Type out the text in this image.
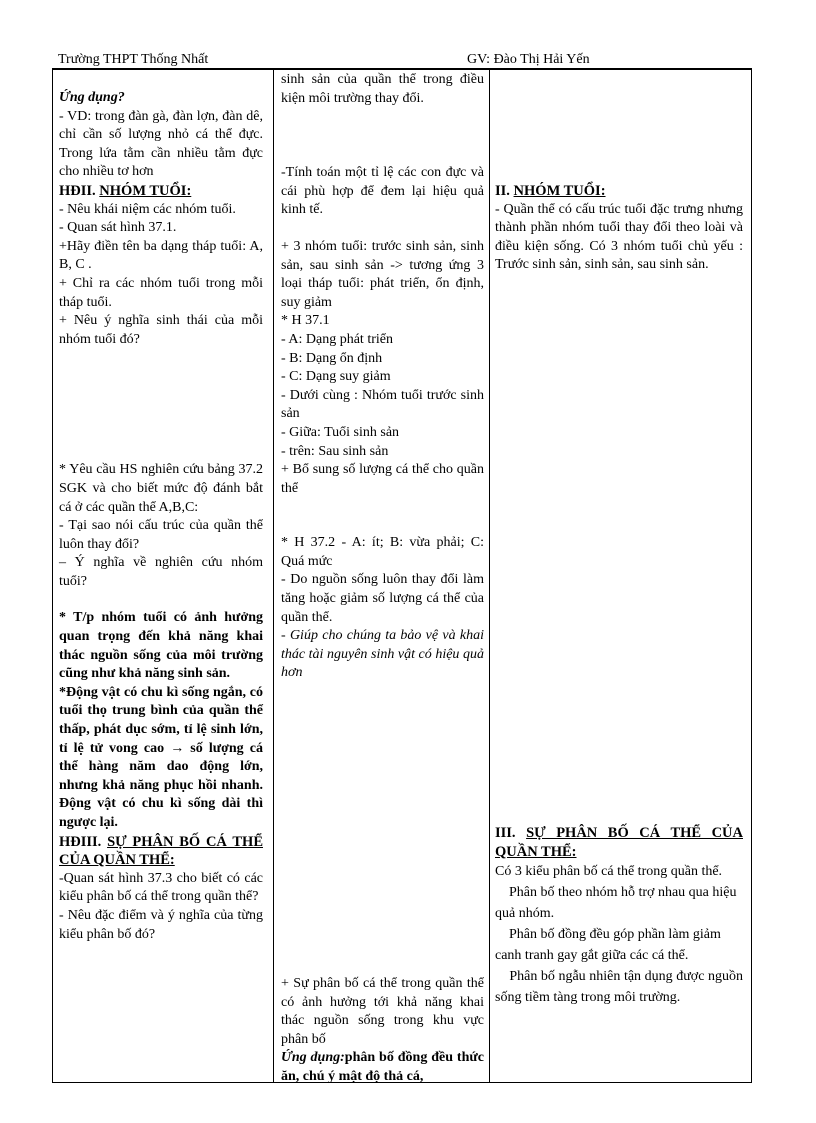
Trường THPT Thống Nhất	GV: Đào Thị Hải Yến

Ứng dụng?

- VD: trong đàn gà, đàn lợn, đàn dê, chỉ cần số lượng nhỏ cá thể đực. Trong lứa tằm cần nhiều tằm đực cho nhiều tơ hơn

HĐII. NHÓM TUỔI:

- Nêu khái niệm các nhóm tuổi.

- Quan sát hình 37.1.

+Hãy điền tên ba dạng tháp tuổi: A, B, C .

+ Chỉ ra các nhóm tuổi trong mỗi tháp tuổi.

+ Nêu ý nghĩa sinh thái của mỗi nhóm tuổi đó?

* Yêu cầu HS nghiên cứu bảng 37.2 SGK và cho biết mức độ đánh bắt cá ở các quần thể A,B,C:

- Tại sao nói cấu trúc của quần thể luôn thay đổi?

– Ý nghĩa về nghiên cứu nhóm tuổi?

* T/p nhóm tuổi có ảnh hưởng quan trọng đến khả năng khai thác nguồn sống của môi trường cũng như khả năng sinh sản.

*Động vật có chu kì sống ngắn, có tuổi thọ trung bình của quần thể thấp, phát dục sớm, tỉ lệ sinh lớn, tỉ lệ tử vong cao → số lượng cá thể hàng năm dao động lớn, nhưng khả năng phục hồi nhanh. Động vật có chu kì sống dài thì ngược lại.

HĐIII. SỰ PHÂN BỐ CÁ THỂ CỦA QUẦN THỂ:

-Quan sát hình 37.3 cho biết có các kiểu phân bố cá thể trong quần thể?

- Nêu đặc điểm và ý nghĩa của từng kiểu phân bố đó?

sinh sản của quần thể trong điều kiện môi trường thay đổi.

-Tính toán một tỉ lệ các con đực và cái phù hợp để đem lại hiệu quả kinh tế.

+ 3 nhóm tuổi: trước sinh sản, sinh sản, sau sinh sản -> tương ứng 3 loại tháp tuổi: phát triển, ổn định, suy giảm

* H 37.1

- A: Dạng phát triển

- B: Dạng ổn định

- C: Dạng suy giảm

- Dưới cùng : Nhóm tuổi trước sinh sản

- Giữa: Tuổi sinh sản

- trên: Sau sinh sản

+ Bổ sung số lượng cá thể cho quần thể

* H 37.2 - A: ít; B: vừa phải; C: Quá mức

- Do nguồn sống luôn thay đổi làm tăng hoặc giảm số lượng cá thể của quần thể.

- Giúp cho chúng ta bảo vệ và khai thác tài nguyên sinh vật có hiệu quả hơn

+ Sự phân bố cá thể trong quần thể có ảnh hưởng tới khả năng khai thác nguồn sống trong khu vực phân bố

Ứng dụng:phân bố đồng đều thức ăn, chú ý mật độ thả cá,

II. NHÓM TUỔI:

- Quần thể có cấu trúc tuổi đặc trưng nhưng thành phần nhóm tuổi thay đổi theo loài và điều kiện sống. Có 3 nhóm tuổi chủ yếu : Trước sinh sản, sinh sản, sau sinh sản.

III. SỰ PHÂN BỐ CÁ THỂ CỦA QUẦN THỂ:

Có 3 kiểu phân bố cá thể trong quần thể.

Phân bố theo nhóm hỗ trợ nhau qua hiệu quả nhóm.

Phân bố đồng đều góp phần làm giảm canh tranh gay gắt giữa các cá thể.

Phân bố ngẫu nhiên tận dụng được nguồn sống tiềm tàng trong môi trường.
